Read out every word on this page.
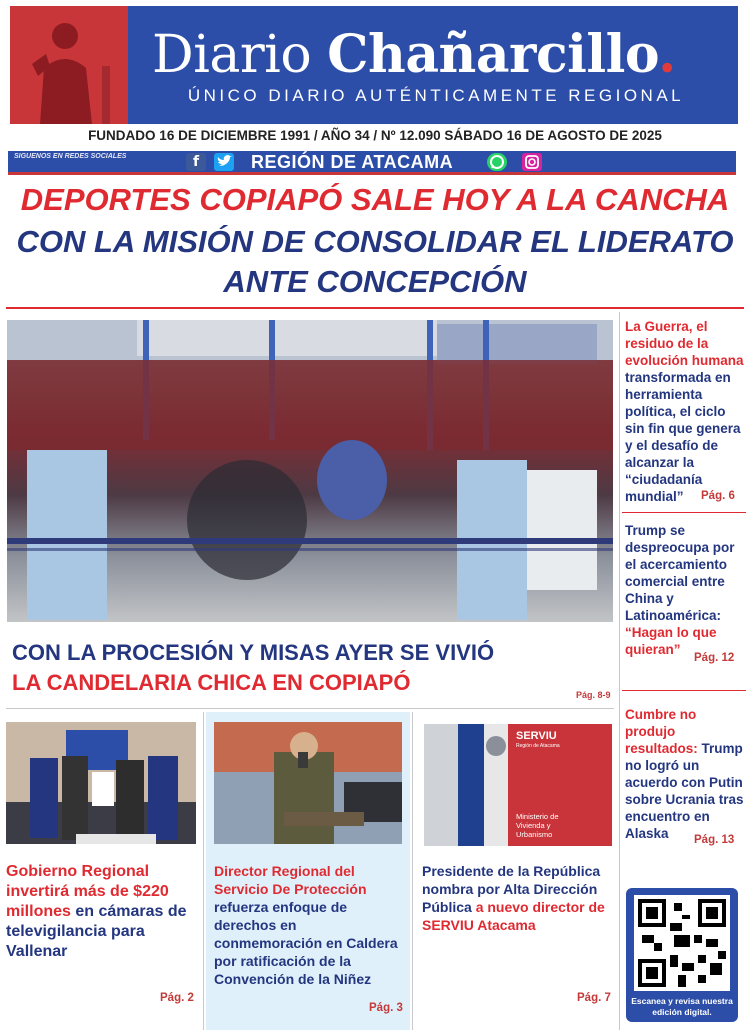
Diario Chañarcillo.
ÚNICO DIARIO AUTÉNTICAMENTE REGIONAL
FUNDADO 16 DE DICIEMBRE 1991 / AÑO 34 / Nº 12.090 SÁBADO 16 DE AGOSTO DE 2025
SIGUENOS EN REDES SOCIALES	f	REGIÓN DE ATACAMA
DEPORTES COPIAPÓ SALE HOY A LA CANCHA
CON LA MISIÓN DE CONSOLIDAR EL LIDERATO
ANTE CONCEPCIÓN
CON LA PROCESIÓN Y MISAS AYER SE VIVIÓ
LA CANDELARIA CHICA EN COPIAPÓ	Pág. 8-9
La Guerra, el residuo de la evolución humana transformada en herramienta política, el ciclo sin fin que genera y el desafío de alcanzar la “ciudadanía mundial”	Pág. 6
Trump se despreocupa por el acercamiento comercial entre China y Latinoamérica: “Hagan lo que quieran”
Pág. 12
Cumbre no produjo resultados: Trump no logró un acuerdo con Putin sobre Ucrania tras encuentro en Alaska	Pág. 13
Escanea y revisa nuestra edición digital.
Gobierno Regional invertirá más de $220 millones en cámaras de televigilancia para Vallenar
Pág. 2
Director Regional del Servicio De Protección refuerza enfoque de derechos en conmemoración en Caldera por ratificación de la Convención de la Niñez
Pág. 3
SERVIU
Región de Atacama
Ministerio de Vivienda y Urbanismo
Presidente de la República nombra por Alta Dirección Pública a nuevo director de SERVIU Atacama
Pág. 7
